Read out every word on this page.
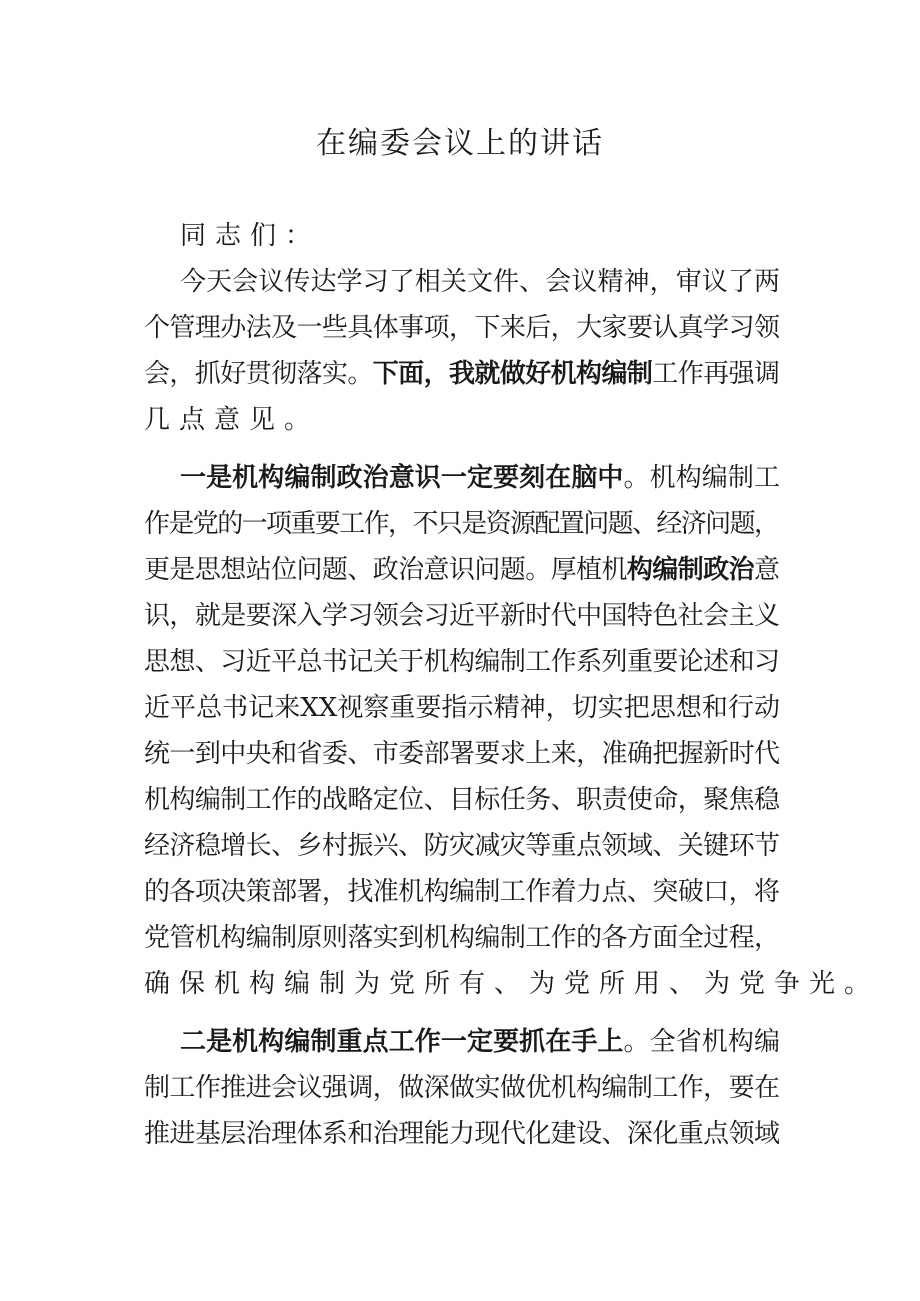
在编委会议上的讲话
同志们：
今天会议传达学习了相关文件、会议精神，审议了两
个管理办法及一些具体事项，下来后，大家要认真学习领
会，抓好贯彻落实。下面，我就做好机构编制工作再强调
几点意见。
一是机构编制政治意识一定要刻在脑中。机构编制工
作是党的一项重要工作，不只是资源配置问题、经济问题，
更是思想站位问题、政治意识问题。厚植机构编制政治意
识，就是要深入学习领会习近平新时代中国特色社会主义
思想、习近平总书记关于机构编制工作系列重要论述和习
近平总书记来XX视察重要指示精神，切实把思想和行动
统一到中央和省委、市委部署要求上来，准确把握新时代
机构编制工作的战略定位、目标任务、职责使命，聚焦稳
经济稳增长、乡村振兴、防灾减灾等重点领域、关键环节
的各项决策部署，找准机构编制工作着力点、突破口，将
党管机构编制原则落实到机构编制工作的各方面全过程，
确保机构编制为党所有、为党所用、为党争光。
二是机构编制重点工作一定要抓在手上。全省机构编
制工作推进会议强调，做深做实做优机构编制工作，要在
推进基层治理体系和治理能力现代化建设、深化重点领域
